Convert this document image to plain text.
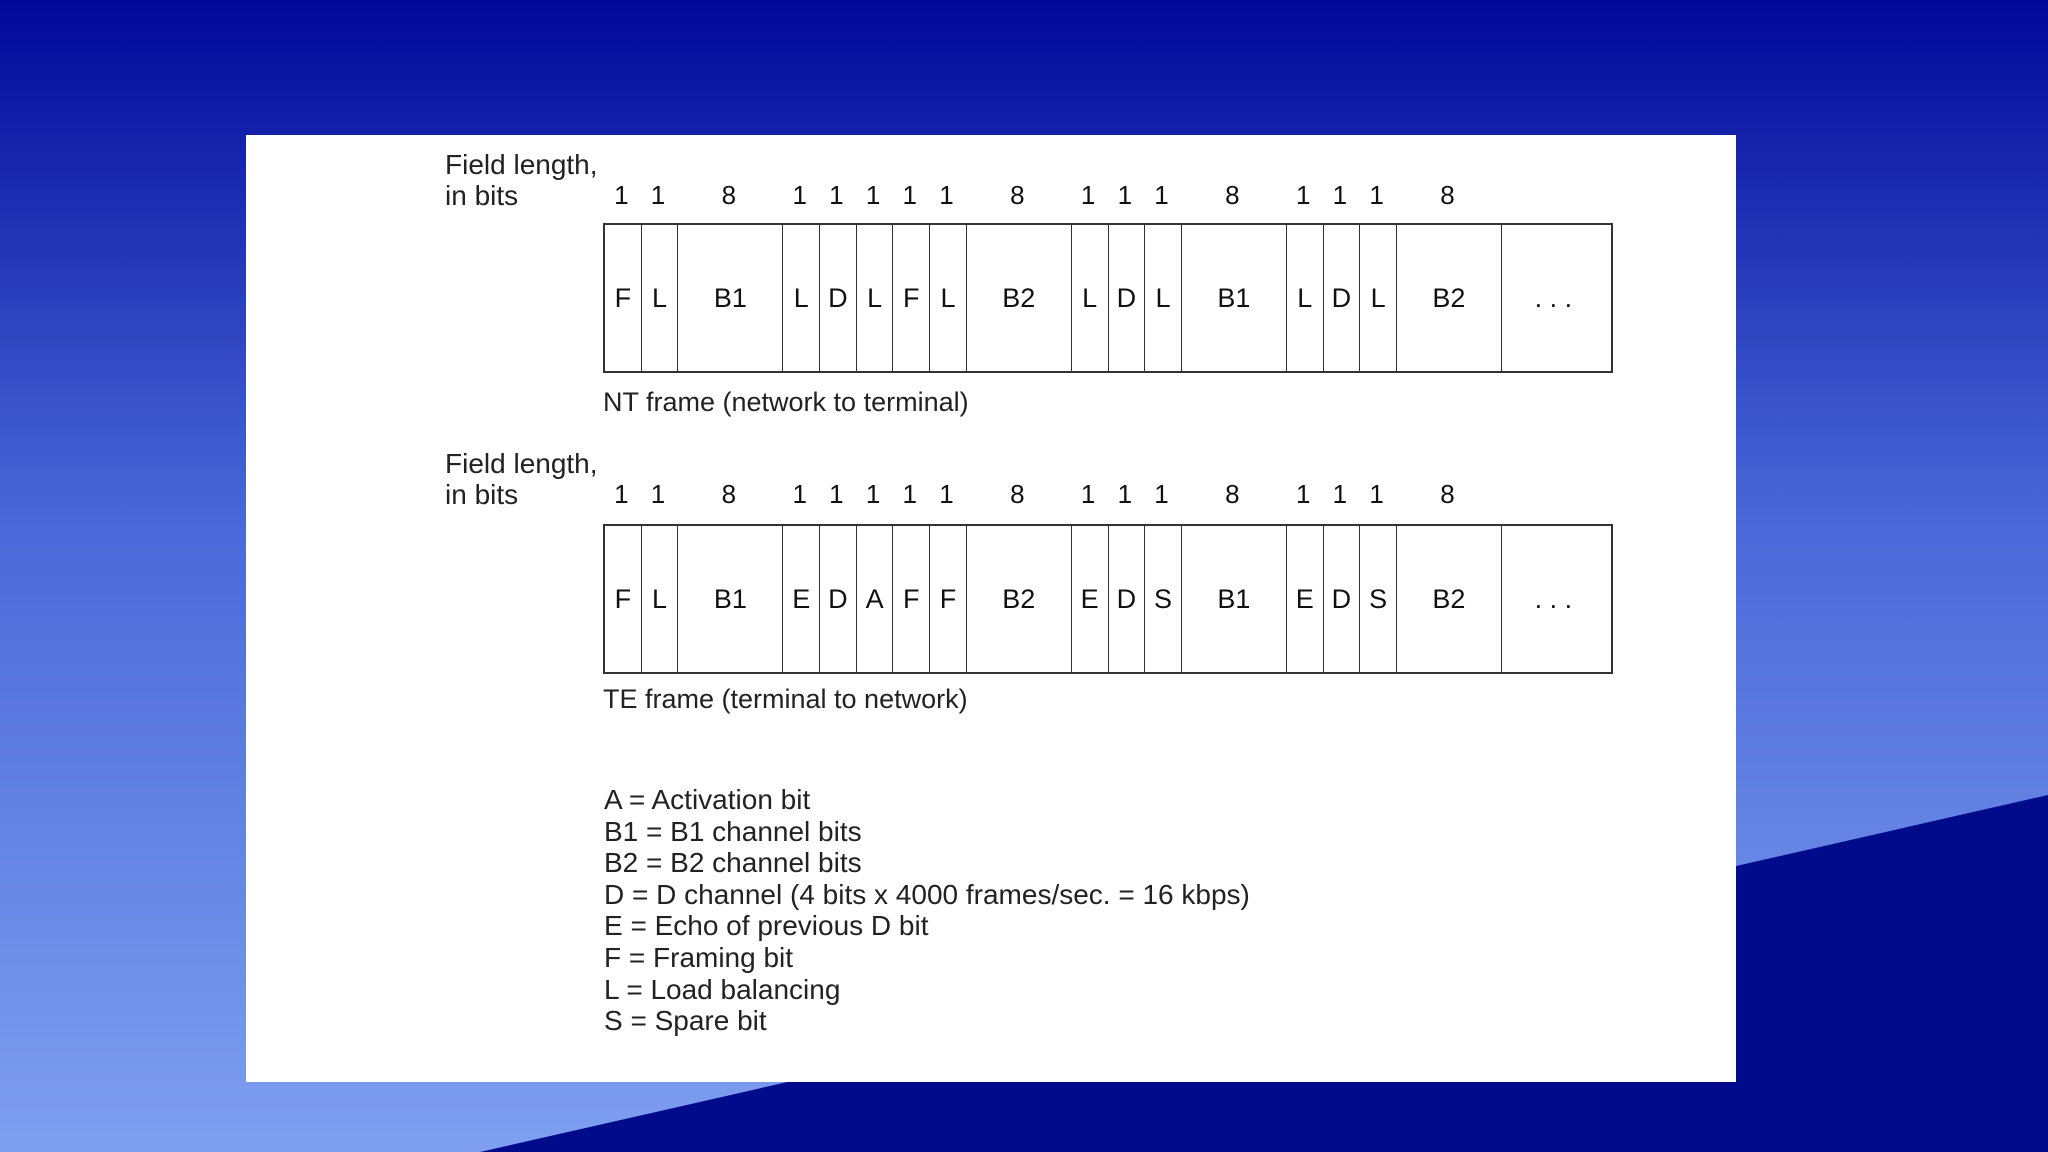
Field length,
in bits	1 1	8	1 1 1 1 1	8	1 1 1	8	1 1 1	8
F L	B1	L D L F L	B2	L D L	B1	L D L	B2	. . .
NT frame (network to terminal)
Field length,
in bits	1 1	8	1 1 1 1 1	8	1 1 1	8	1 1 1	8
F L	B1	E D A F F	B2	E D S	B1	E D S	B2	. . .
TE frame (terminal to network)
A = Activation bit
B1 = B1 channel bits
B2 = B2 channel bits
D = D channel (4 bits x 4000 frames/sec. = 16 kbps)
E = Echo of previous D bit
F = Framing bit
L = Load balancing
S = Spare bit
